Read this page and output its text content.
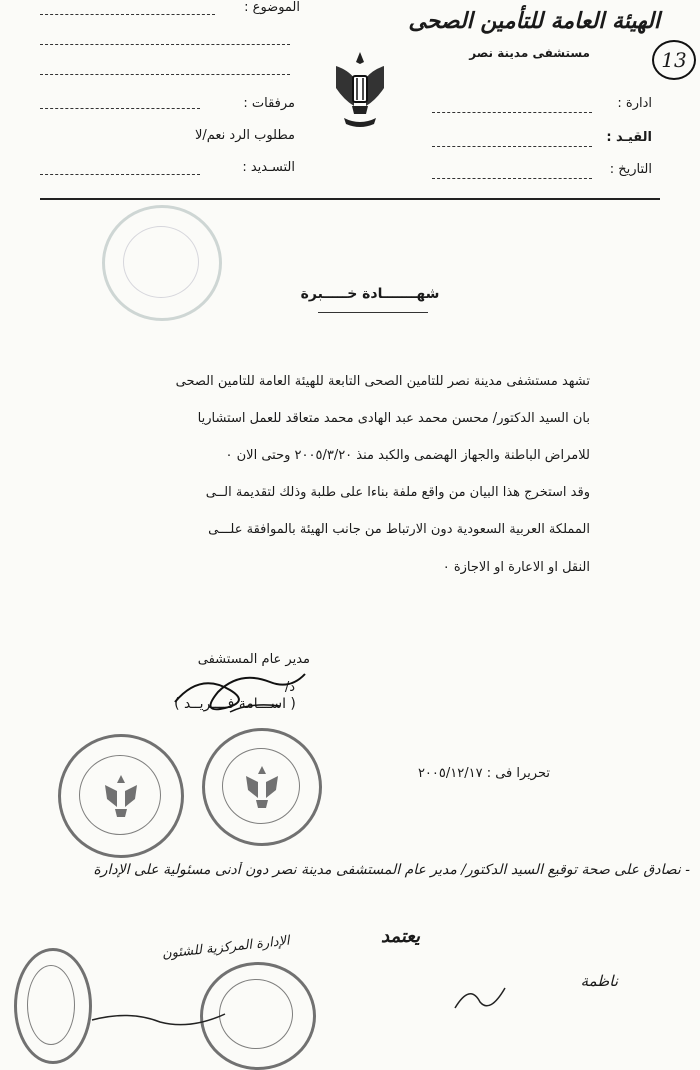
الهيئة العامة للتأمين الصحى
مستشفى مدينة نصر	13
ادارة :
القيـد :
التاريخ :
الموضوع :
مرفقات :
مطلوب الرد نعم/لا
التسـديد :
شهـــــــادة خـــــبرة
تشهد مستشفى مدينة نصر للتامين الصحى التابعة للهيئة العامة للتامين الصحى
بان السيد الدكتور/ محسن محمد عبد الهادى محمد متعاقد للعمل استشاريا
للامراض الباطنة والجهاز الهضمى والكبد منذ ٢٠٠٥/٣/٢٠ وحتى الان ٠
وقد استخرج هذا البيان من واقع ملفة بناءا على طلبة وذلك لتقديمة الــى
المملكة العربية السعودية دون الارتباط من جانب الهيئة بالموافقة علـــى
النقل او الاعارة او الاجازة ٠
مدير عام المستشفى
د/
( اســـامة فــــريــد )
تحريرا فى : ٢٠٠٥/١٢/١٧
- نصادق على صحة توقيع السيد الدكتور/ مدير عام المستشفى مدينة نصر دون أدنى مسئولية على الإدارة
يعتمد
الإدارة المركزية للشئون
ناظمة
